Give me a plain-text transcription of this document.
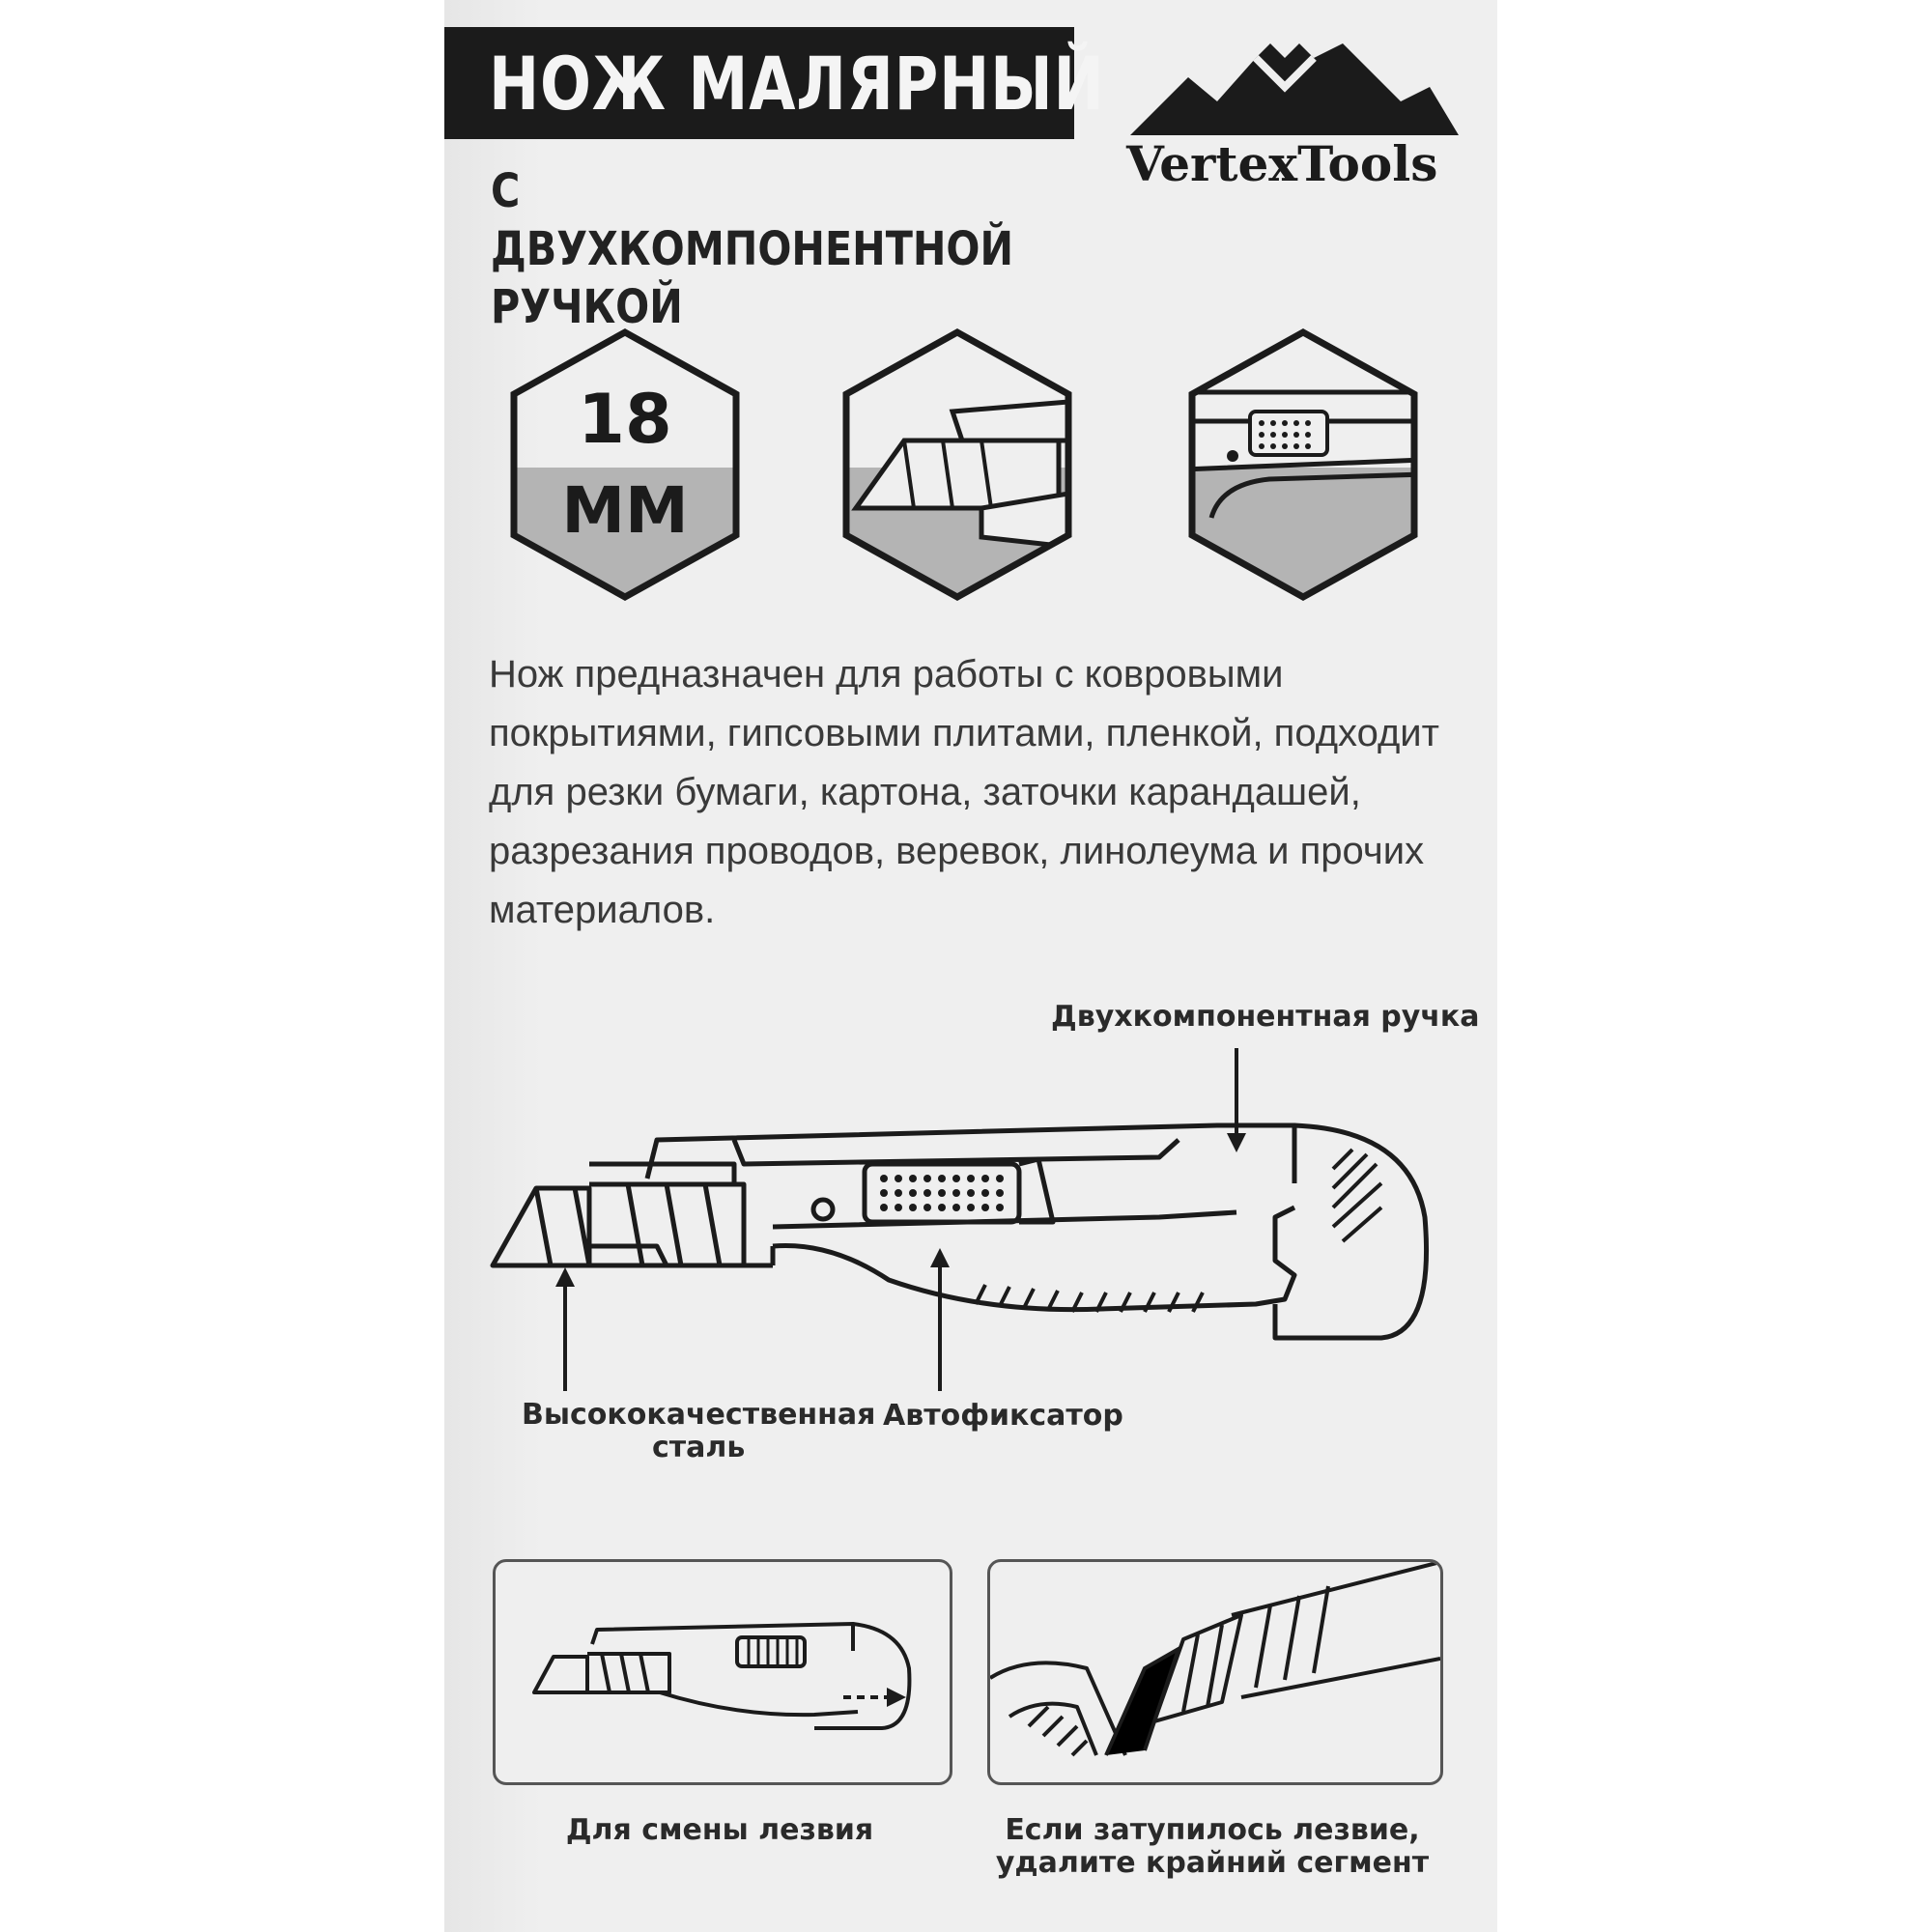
НОЖ МАЛЯРНЫЙ
С ДВУХКОМПОНЕНТНОЙ РУЧКОЙ
VertexTools
18
ММ
Нож предназначен для работы с ковровыми покрытиями, гипсовыми плитами, пленкой, подходит для резки бумаги, картона, заточки карандашей, разрезания проводов, веревок, линолеума и прочих материалов.
Двухкомпонентная ручка
Высококачественная
сталь
Автофиксатор
Для смены лезвия	Если затупилось лезвие,
удалите крайний сегмент
